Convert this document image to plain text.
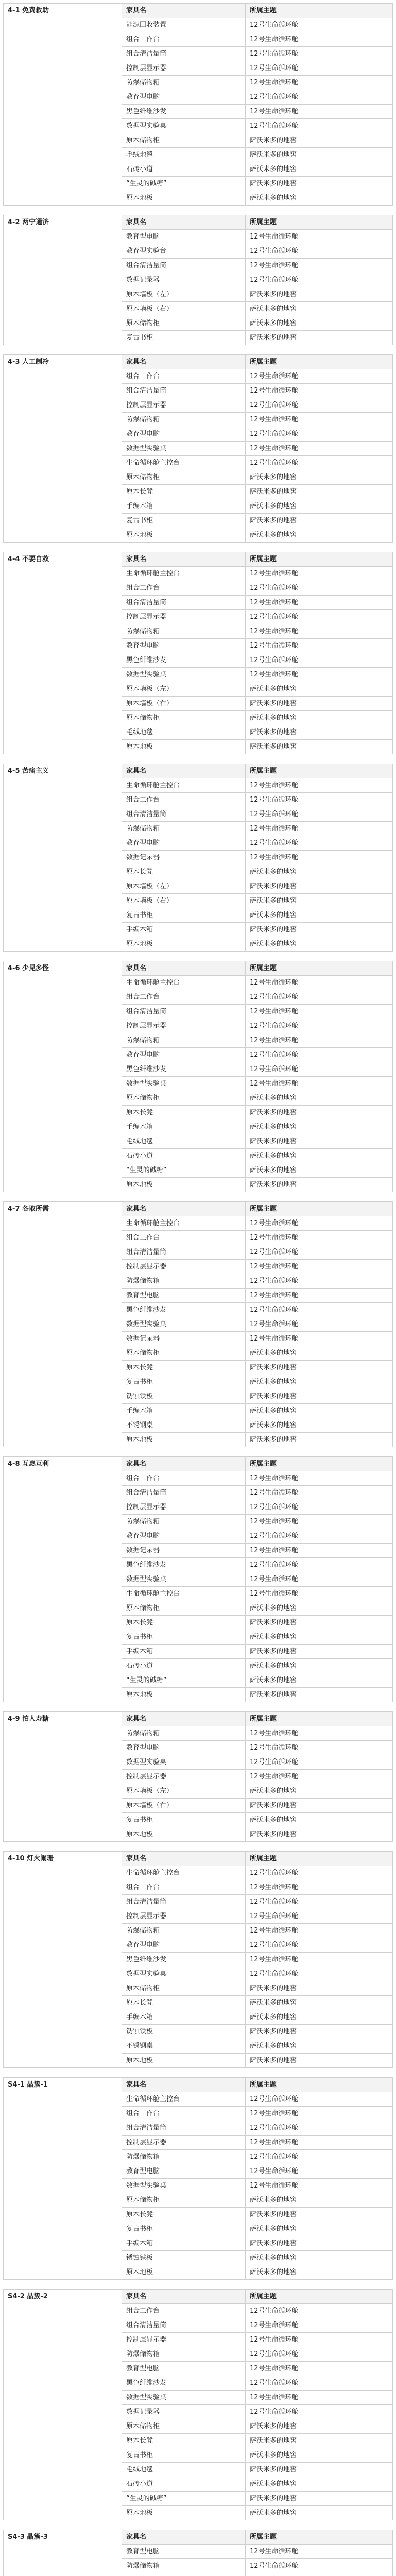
4-1 免费救助	家具名	所属主题
能源回收装置	12号生命循环舱
组合工作台	12号生命循环舱
组合清洁量筒	12号生命循环舱
控制层显示器	12号生命循环舱
防爆储物箱	12号生命循环舱
教育型电脑	12号生命循环舱
黑色纤维沙发	12号生命循环舱
数据型实验桌	12号生命循环舱
原木储物柜	萨沃米多的地窖
毛绒地毯	萨沃米多的地窖
石砖小道	萨沃米多的地窖
“生灵的碱糖”	萨沃米多的地窖
原木地板	萨沃米多的地窖
4-2 两宁通济	家具名	所属主题
教育型电脑	12号生命循环舱
教育型实验台	12号生命循环舱
组合清洁量筒	12号生命循环舱
数据记录器	12号生命循环舱
原木墙板（左）	萨沃米多的地窖
原木墙板（右）	萨沃米多的地窖
原木储物柜	萨沃米多的地窖
复古书柜	萨沃米多的地窖
4-3 人工制冷	家具名	所属主题
组合工作台	12号生命循环舱
组合清洁量筒	12号生命循环舱
控制层显示器	12号生命循环舱
防爆储物箱	12号生命循环舱
教育型电脑	12号生命循环舱
数据型实验桌	12号生命循环舱
生命循环舱主控台	12号生命循环舱
原木储物柜	萨沃米多的地窖
原木长凳	萨沃米多的地窖
手编木箱	萨沃米多的地窖
复古书柜	萨沃米多的地窖
原木地板	萨沃米多的地窖
4-4 不要自救	家具名	所属主题
生命循环舱主控台	12号生命循环舱
组合工作台	12号生命循环舱
组合清洁量筒	12号生命循环舱
控制层显示器	12号生命循环舱
防爆储物箱	12号生命循环舱
教育型电脑	12号生命循环舱
黑色纤维沙发	12号生命循环舱
数据型实验桌	12号生命循环舱
原木墙板（左）	萨沃米多的地窖
原木墙板（右）	萨沃米多的地窖
原木储物柜	萨沃米多的地窖
毛绒地毯	萨沃米多的地窖
原木地板	萨沃米多的地窖
4-5 苦痛主义	家具名	所属主题
生命循环舱主控台	12号生命循环舱
组合工作台	12号生命循环舱
组合清洁量筒	12号生命循环舱
防爆储物箱	12号生命循环舱
教育型电脑	12号生命循环舱
数据记录器	12号生命循环舱
原木长凳	萨沃米多的地窖
原木墙板（左）	萨沃米多的地窖
原木墙板（右）	萨沃米多的地窖
复古书柜	萨沃米多的地窖
手编木箱	萨沃米多的地窖
原木地板	萨沃米多的地窖
4-6 少见多怪	家具名	所属主题
生命循环舱主控台	12号生命循环舱
组合工作台	12号生命循环舱
组合清洁量筒	12号生命循环舱
控制层显示器	12号生命循环舱
防爆储物箱	12号生命循环舱
教育型电脑	12号生命循环舱
黑色纤维沙发	12号生命循环舱
数据型实验桌	12号生命循环舱
原木储物柜	萨沃米多的地窖
原木长凳	萨沃米多的地窖
手编木箱	萨沃米多的地窖
毛绒地毯	萨沃米多的地窖
石砖小道	萨沃米多的地窖
“生灵的碱糖”	萨沃米多的地窖
原木地板	萨沃米多的地窖
4-7 各取所需	家具名	所属主题
生命循环舱主控台	12号生命循环舱
组合工作台	12号生命循环舱
组合清洁量筒	12号生命循环舱
控制层显示器	12号生命循环舱
防爆储物箱	12号生命循环舱
教育型电脑	12号生命循环舱
黑色纤维沙发	12号生命循环舱
数据型实验桌	12号生命循环舱
数据记录器	12号生命循环舱
原木储物柜	萨沃米多的地窖
原木长凳	萨沃米多的地窖
复古书柜	萨沃米多的地窖
锈蚀铁板	萨沃米多的地窖
手编木箱	萨沃米多的地窖
不锈钢桌	萨沃米多的地窖
原木地板	萨沃米多的地窖
4-8 互惠互利	家具名	所属主题
组合工作台	12号生命循环舱
组合清洁量筒	12号生命循环舱
控制层显示器	12号生命循环舱
防爆储物箱	12号生命循环舱
教育型电脑	12号生命循环舱
数据记录器	12号生命循环舱
黑色纤维沙发	12号生命循环舱
数据型实验桌	12号生命循环舱
生命循环舱主控台	12号生命循环舱
原木储物柜	萨沃米多的地窖
原木长凳	萨沃米多的地窖
复古书柜	萨沃米多的地窖
手编木箱	萨沃米多的地窖
石砖小道	萨沃米多的地窖
“生灵的碱糖”	萨沃米多的地窖
原木地板	萨沃米多的地窖
4-9 怕人寿糖	家具名	所属主题
防爆储物箱	12号生命循环舱
教育型电脑	12号生命循环舱
数据型实验桌	12号生命循环舱
控制层显示器	12号生命循环舱
原木墙板（左）	萨沃米多的地窖
原木墙板（右）	萨沃米多的地窖
复古书柜	萨沃米多的地窖
原木地板	萨沃米多的地窖
4-10 灯火阑珊	家具名	所属主题
生命循环舱主控台	12号生命循环舱
组合工作台	12号生命循环舱
组合清洁量筒	12号生命循环舱
控制层显示器	12号生命循环舱
防爆储物箱	12号生命循环舱
教育型电脑	12号生命循环舱
黑色纤维沙发	12号生命循环舱
数据型实验桌	12号生命循环舱
原木储物柜	萨沃米多的地窖
原木长凳	萨沃米多的地窖
手编木箱	萨沃米多的地窖
锈蚀铁板	萨沃米多的地窖
不锈钢桌	萨沃米多的地窖
原木地板	萨沃米多的地窖
S4-1 晶簇-1	家具名	所属主题
生命循环舱主控台	12号生命循环舱
组合工作台	12号生命循环舱
组合清洁量筒	12号生命循环舱
控制层显示器	12号生命循环舱
防爆储物箱	12号生命循环舱
教育型电脑	12号生命循环舱
数据型实验桌	12号生命循环舱
原木储物柜	萨沃米多的地窖
原木长凳	萨沃米多的地窖
复古书柜	萨沃米多的地窖
手编木箱	萨沃米多的地窖
锈蚀铁板	萨沃米多的地窖
原木地板	萨沃米多的地窖
S4-2 晶簇-2	家具名	所属主题
组合工作台	12号生命循环舱
组合清洁量筒	12号生命循环舱
控制层显示器	12号生命循环舱
防爆储物箱	12号生命循环舱
教育型电脑	12号生命循环舱
黑色纤维沙发	12号生命循环舱
数据型实验桌	12号生命循环舱
数据记录器	12号生命循环舱
原木储物柜	萨沃米多的地窖
原木长凳	萨沃米多的地窖
复古书柜	萨沃米多的地窖
毛绒地毯	萨沃米多的地窖
石砖小道	萨沃米多的地窖
“生灵的碱糖”	萨沃米多的地窖
原木地板	萨沃米多的地窖
S4-3 晶簇-3	家具名	所属主题
教育型电脑	12号生命循环舱
防爆储物箱	12号生命循环舱
